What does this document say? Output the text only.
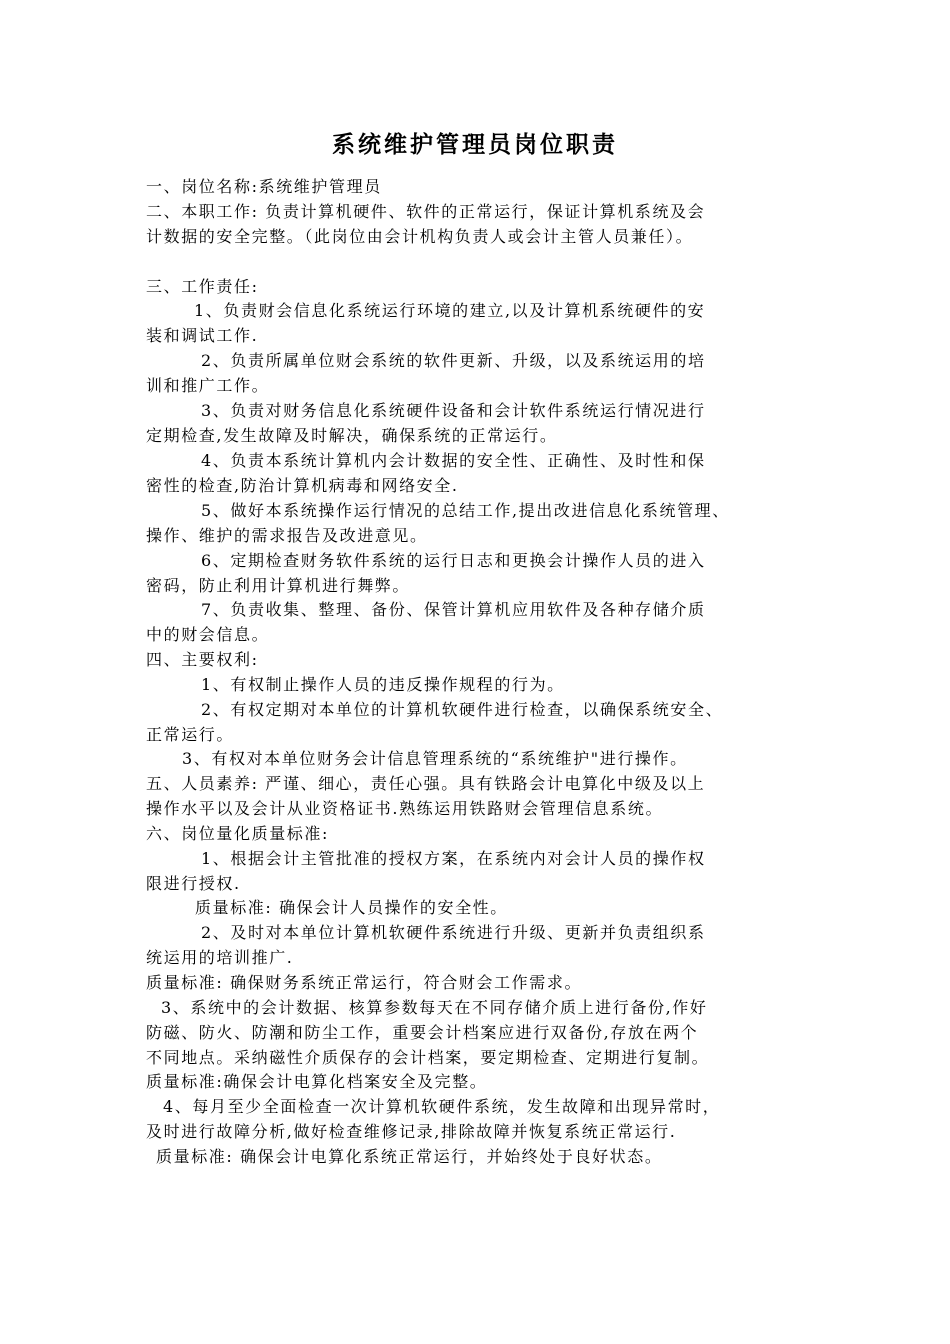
系统维护管理员岗位职责
一、岗位名称:系统维护管理员
二、本职工作: 负责计算机硬件、软件的正常运行，保证计算机系统及会
计数据的安全完整。（此岗位由会计机构负责人或会计主管人员兼任）。
三、工作责任:
1、负责财会信息化系统运行环境的建立,以及计算机系统硬件的安
装和调试工作.
2、负责所属单位财会系统的软件更新、升级，以及系统运用的培
训和推广工作。
3、负责对财务信息化系统硬件设备和会计软件系统运行情况进行
定期检查,发生故障及时解决，确保系统的正常运行。
4、负责本系统计算机内会计数据的安全性、正确性、及时性和保
密性的检查,防治计算机病毒和网络安全.
5、做好本系统操作运行情况的总结工作,提出改进信息化系统管理、
操作、维护的需求报告及改进意见。
6、定期检查财务软件系统的运行日志和更换会计操作人员的进入
密码，防止利用计算机进行舞弊。
7、负责收集、整理、备份、保管计算机应用软件及各种存储介质
中的财会信息。
四、主要权利:
1、有权制止操作人员的违反操作规程的行为。
2、有权定期对本单位的计算机软硬件进行检查，以确保系统安全、
正常运行。
3、有权对本单位财务会计信息管理系统的“系统维护"进行操作。
五、人员素养: 严谨、细心，责任心强。具有铁路会计电算化中级及以上
操作水平以及会计从业资格证书.熟练运用铁路财会管理信息系统。
六、岗位量化质量标准:
1、根据会计主管批准的授权方案，在系统内对会计人员的操作权
限进行授权.
质量标准: 确保会计人员操作的安全性。
2、及时对本单位计算机软硬件系统进行升级、更新并负责组织系
统运用的培训推广.
质量标准: 确保财务系统正常运行，符合财会工作需求。
3、系统中的会计数据、核算参数每天在不同存储介质上进行备份,作好
防磁、防火、防潮和防尘工作，重要会计档案应进行双备份,存放在两个
不同地点。采纳磁性介质保存的会计档案，要定期检查、定期进行复制。
质量标准:确保会计电算化档案安全及完整。
4、每月至少全面检查一次计算机软硬件系统，发生故障和出现异常时，
及时进行故障分析,做好检查维修记录,排除故障并恢复系统正常运行.
质量标准: 确保会计电算化系统正常运行，并始终处于良好状态。
